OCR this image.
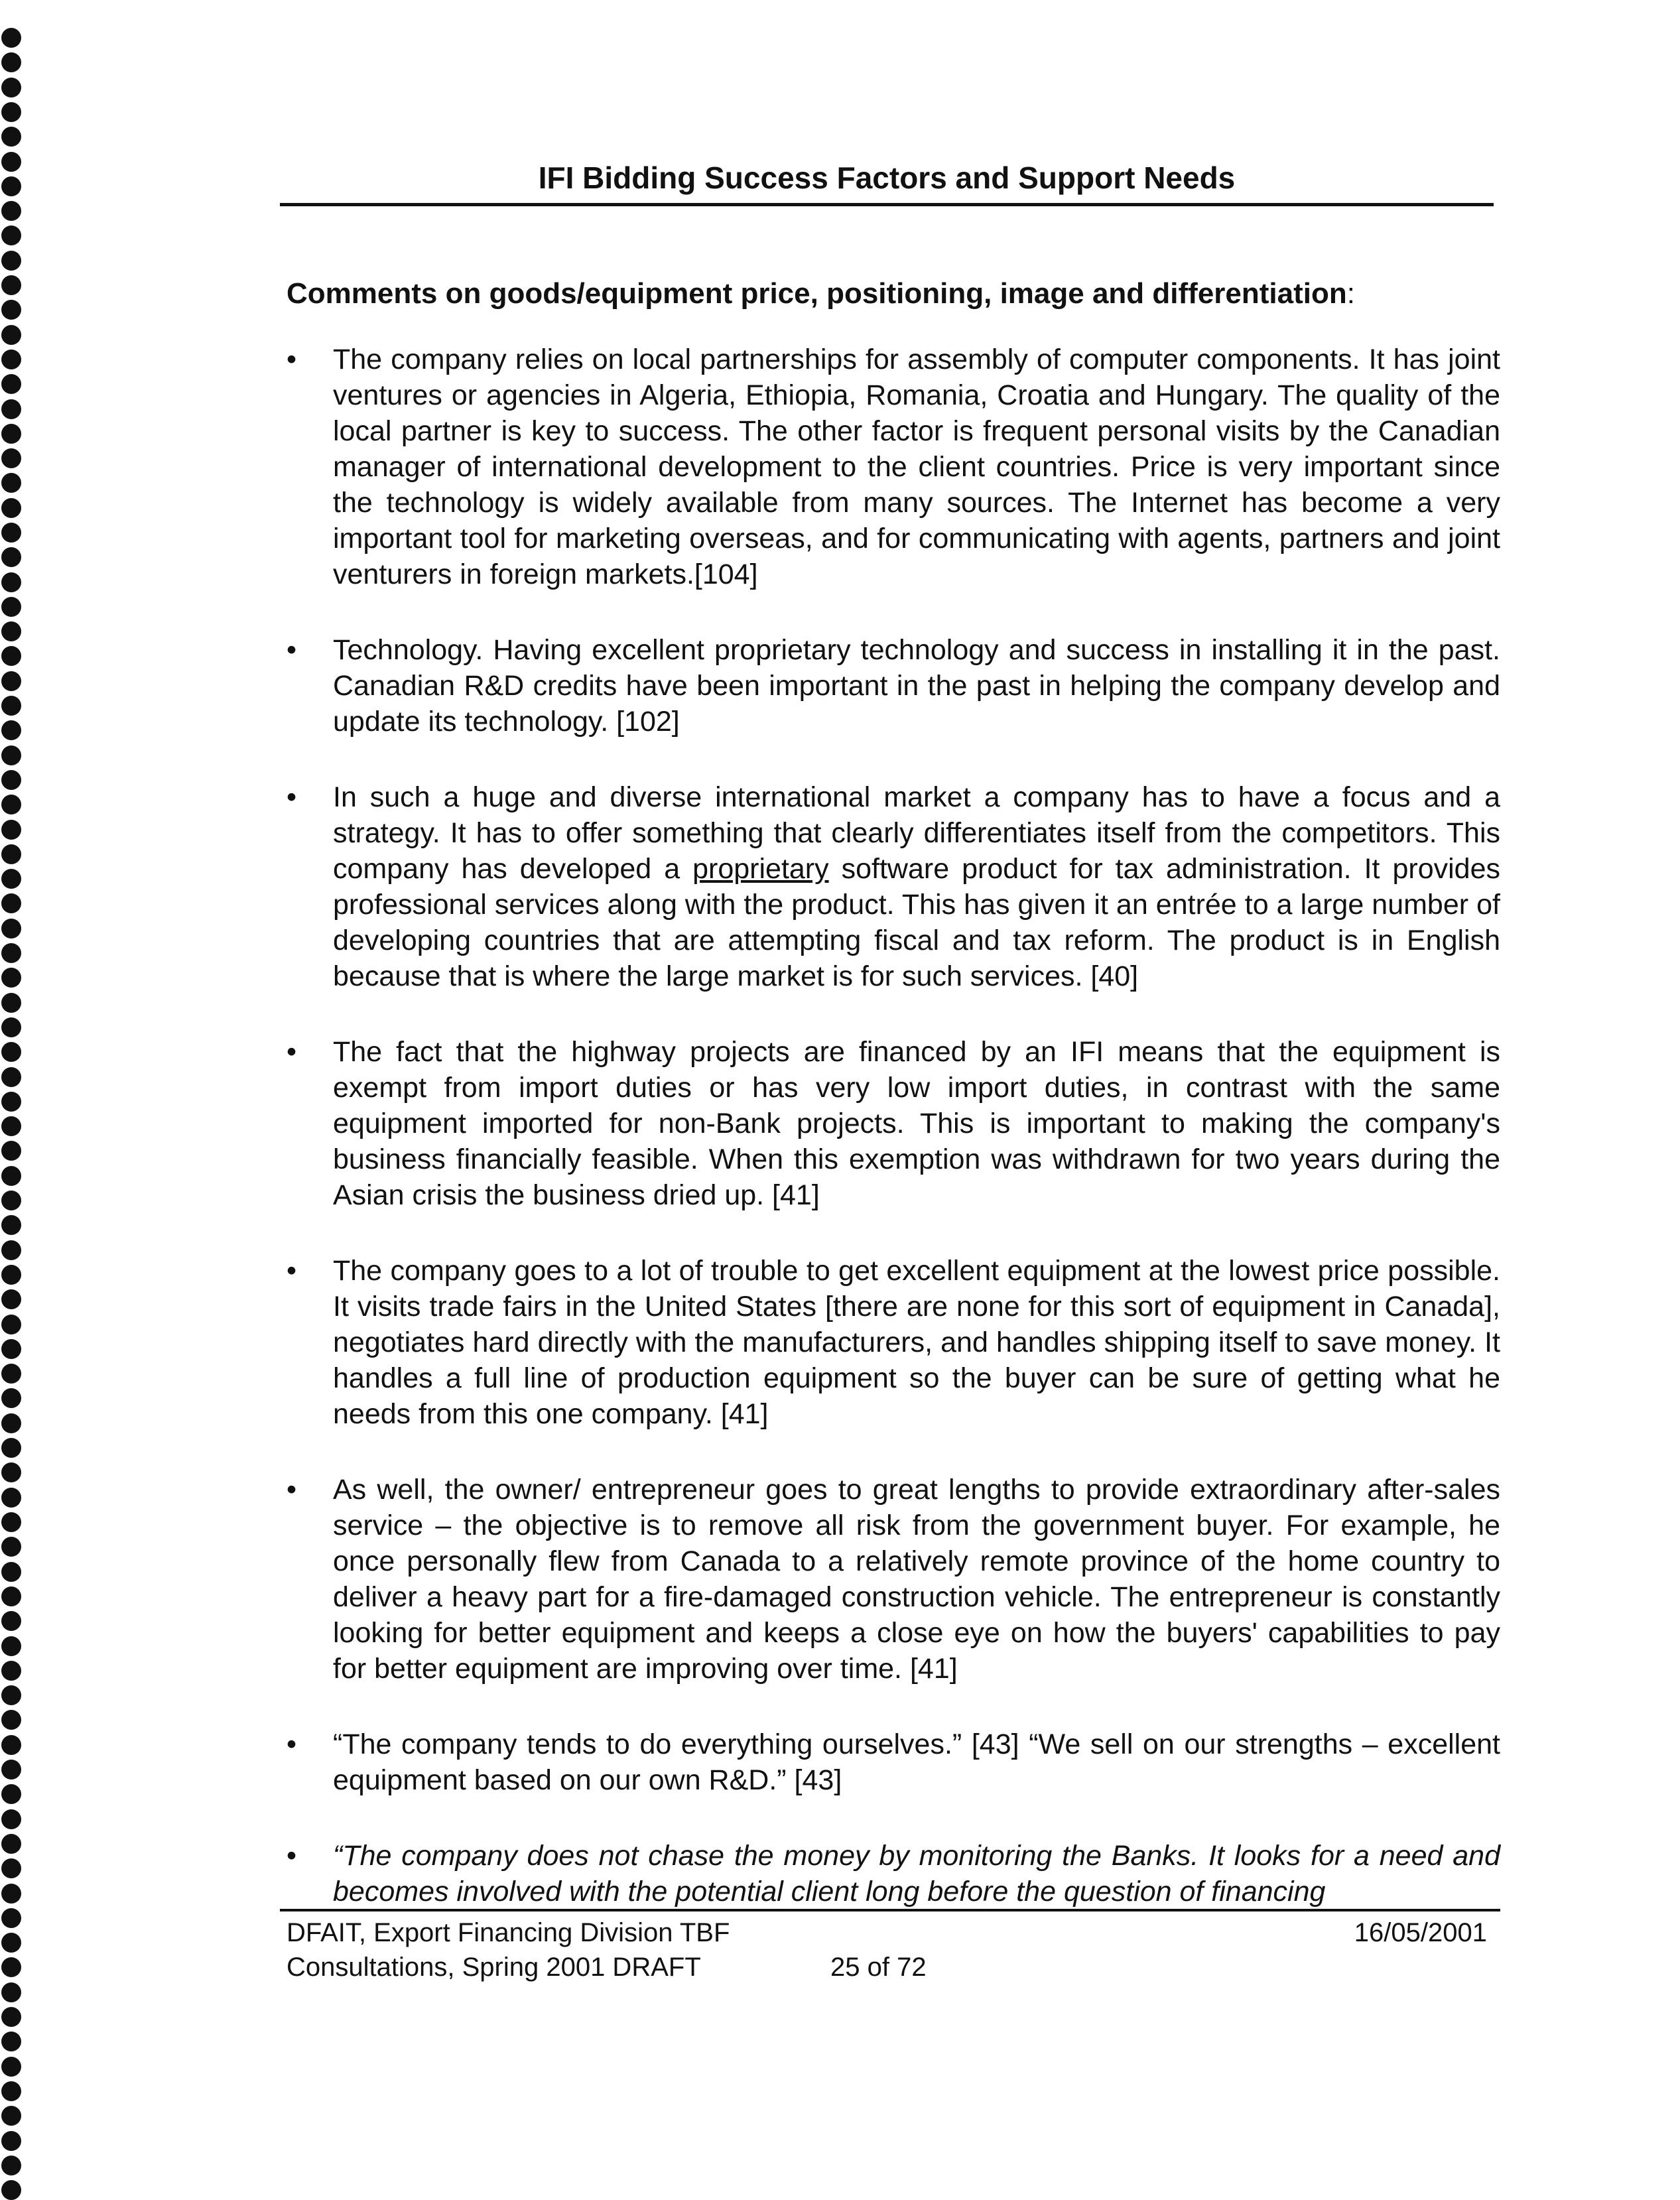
IFI Bidding Success Factors and Support Needs
Comments on goods/equipment price, positioning, image and differentiation:
• The company relies on local partnerships for assembly of computer components. It has joint ventures or agencies in Algeria, Ethiopia, Romania, Croatia and Hungary. The quality of the local partner is key to success. The other factor is frequent personal visits by the Canadian manager of international development to the client countries. Price is very important since the technology is widely available from many sources. The Internet has become a very important tool for marketing overseas, and for communicating with agents, partners and joint venturers in foreign markets.[104]
• Technology. Having excellent proprietary technology and success in installing it in the past. Canadian R&D credits have been important in the past in helping the company develop and update its technology. [102]
• In such a huge and diverse international market a company has to have a focus and a strategy. It has to offer something that clearly differentiates itself from the competitors. This company has developed a proprietary software product for tax administration. It provides professional services along with the product. This has given it an entrée to a large number of developing countries that are attempting fiscal and tax reform. The product is in English because that is where the large market is for such services. [40]
• The fact that the highway projects are financed by an IFI means that the equipment is exempt from import duties or has very low import duties, in contrast with the same equipment imported for non-Bank projects. This is important to making the company's business financially feasible. When this exemption was withdrawn for two years during the Asian crisis the business dried up. [41]
• The company goes to a lot of trouble to get excellent equipment at the lowest price possible. It visits trade fairs in the United States [there are none for this sort of equipment in Canada], negotiates hard directly with the manufacturers, and handles shipping itself to save money. It handles a full line of production equipment so the buyer can be sure of getting what he needs from this one company. [41]
• As well, the owner/ entrepreneur goes to great lengths to provide extraordinary after-sales service – the objective is to remove all risk from the government buyer. For example, he once personally flew from Canada to a relatively remote province of the home country to deliver a heavy part for a fire-damaged construction vehicle. The entrepreneur is constantly looking for better equipment and keeps a close eye on how the buyers' capabilities to pay for better equipment are improving over time. [41]
• “The company tends to do everything ourselves.” [43] “We sell on our strengths – excellent equipment based on our own R&D.” [43]
• “The company does not chase the money by monitoring the Banks. It looks for a need and becomes involved with the potential client long before the question of financing
DFAIT, Export Financing Division TBF
Consultations, Spring 2001 DRAFT	25 of 72
16/05/2001
